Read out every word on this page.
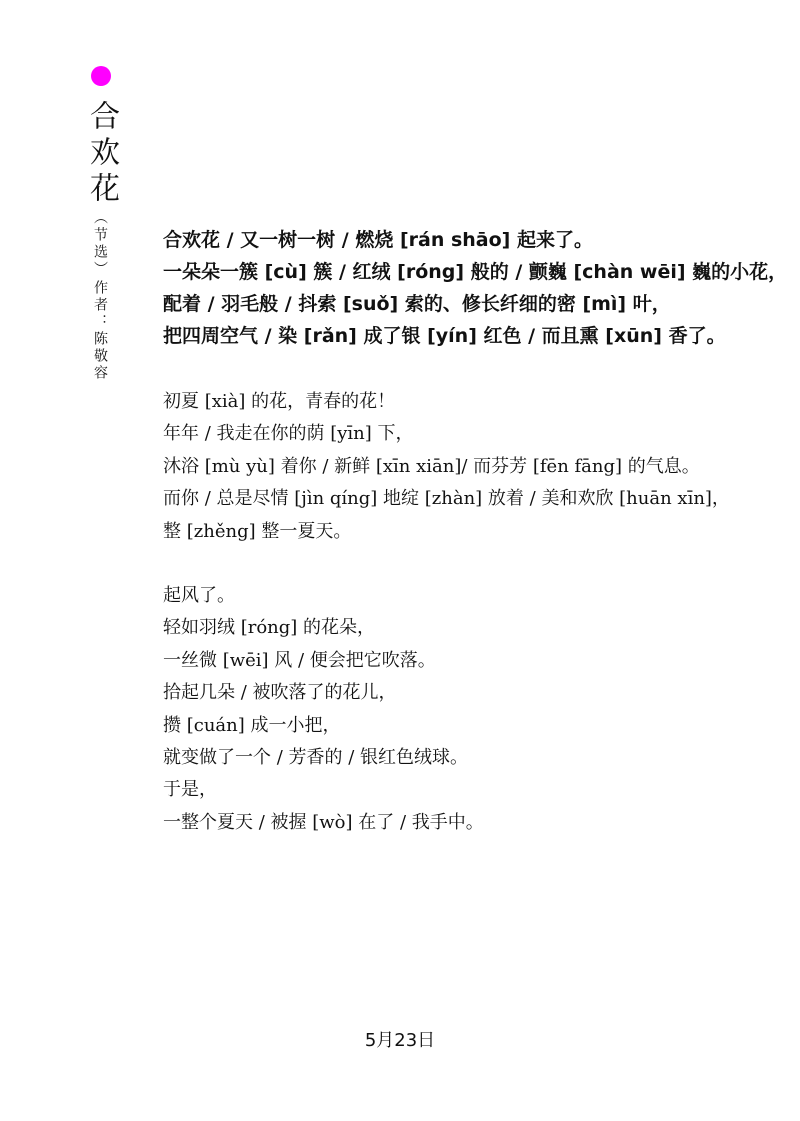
合欢花
（节选）
作者：陈敬容
合欢花 / 又一树一树 / 燃烧 [rán shāo] 起来了。
一朵朵一簇 [cù] 簇 / 红绒 [róng] 般的 / 颤巍 [chàn wēi] 巍的小花，
配着 / 羽毛般 / 抖索 [suǒ] 索的、修长纤细的密 [mì] 叶，
把四周空气 / 染 [rǎn] 成了银 [yín] 红色 / 而且熏 [xūn] 香了。
初夏 [xià] 的花，青春的花！
年年 / 我走在你的荫 [yīn] 下，
沐浴 [mù yù] 着你 / 新鲜 [xīn xiān]/ 而芬芳 [fēn fāng] 的气息。
而你 / 总是尽情 [jìn qíng] 地绽 [zhàn] 放着 / 美和欢欣 [huān xīn]，
整 [zhěng] 整一夏天。
起风了。
轻如羽绒 [róng] 的花朵，
一丝微 [wēi] 风 / 便会把它吹落。
拾起几朵 / 被吹落了的花儿，
攒 [cuán] 成一小把，
就变做了一个 / 芳香的 / 银红色绒球。
于是，
一整个夏天 / 被握 [wò] 在了 / 我手中。
5月23日
